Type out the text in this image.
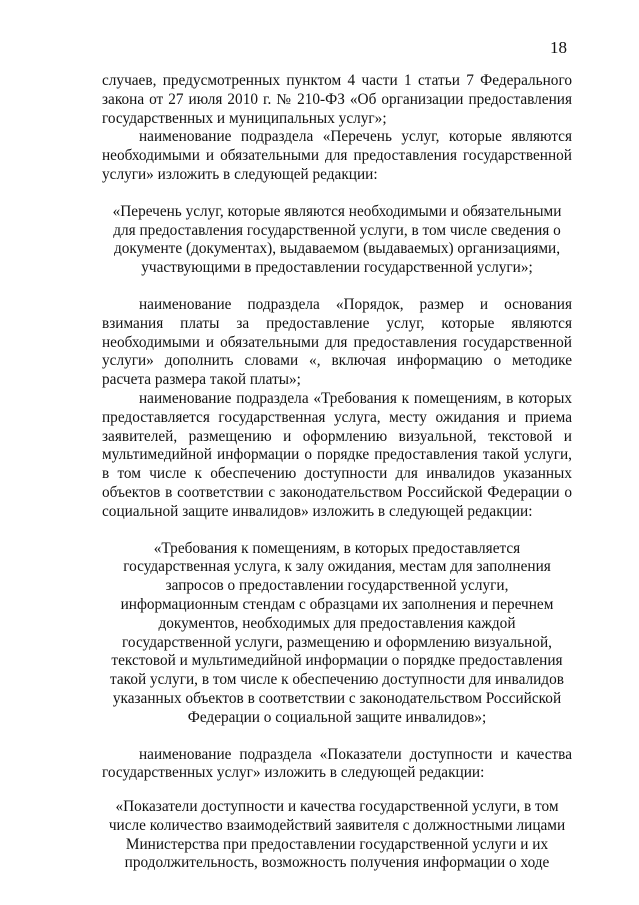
18

случаев, предусмотренных пунктом 4 части 1 статьи 7 Федерального закона от 27 июля 2010 г. № 210-ФЗ «Об организации предоставления государственных и муниципальных услуг»;

наименование подраздела «Перечень услуг, которые являются необходимыми и обязательными для предоставления государственной услуги» изложить в следующей редакции:

«Перечень услуг, которые являются необходимыми и обязательными для предоставления государственной услуги, в том числе сведения о документе (документах), выдаваемом (выдаваемых) организациями, участвующими в предоставлении государственной услуги»;

наименование подраздела «Порядок, размер и основания взимания платы за предоставление услуг, которые являются необходимыми и обязательными для предоставления государственной услуги» дополнить словами «, включая информацию о методике расчета размера такой платы»;

наименование подраздела «Требования к помещениям, в которых предоставляется государственная услуга, месту ожидания и приема заявителей, размещению и оформлению визуальной, текстовой и мультимедийной информации о порядке предоставления такой услуги, в том числе к обеспечению доступности для инвалидов указанных объектов в соответствии с законодательством Российской Федерации о социальной защите инвалидов» изложить в следующей редакции:

«Требования к помещениям, в которых предоставляется государственная услуга, к залу ожидания, местам для заполнения запросов о предоставлении государственной услуги, информационным стендам с образцами их заполнения и перечнем документов, необходимых для предоставления каждой государственной услуги, размещению и оформлению визуальной, текстовой и мультимедийной информации о порядке предоставления такой услуги, в том числе к обеспечению доступности для инвалидов указанных объектов в соответствии с законодательством Российской Федерации о социальной защите инвалидов»;

наименование подраздела «Показатели доступности и качества государственных услуг» изложить в следующей редакции:

«Показатели доступности и качества государственной услуги, в том числе количество взаимодействий заявителя с должностными лицами Министерства при предоставлении государственной услуги и их продолжительность, возможность получения информации о ходе
